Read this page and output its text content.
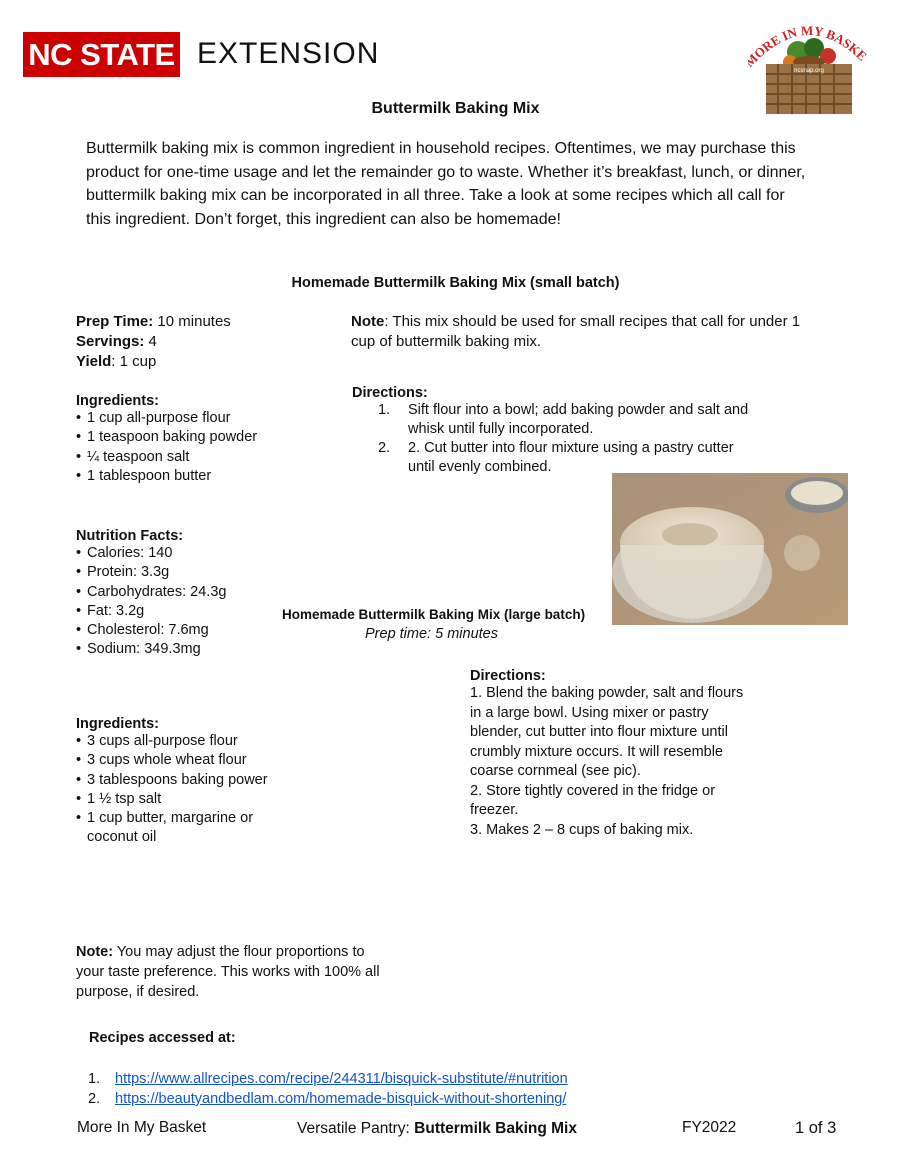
NC STATE EXTENSION	ORE IN MY BASKE
ncsnap.org
Buttermilk Baking Mix
Buttermilk baking mix is common ingredient in household recipes. Oftentimes, we may purchase this product for one-time usage and let the remainder go to waste. Whether it’s breakfast, lunch, or dinner, buttermilk baking mix can be incorporated in all three. Take a look at some recipes which all call for this ingredient. Don’t forget, this ingredient can also be homemade!
Homemade Buttermilk Baking Mix (small batch)
Prep Time: 10 minutes
Servings: 4
Yield: 1 cup
Note: This mix should be used for small recipes that call for under 1 cup of buttermilk baking mix.
Ingredients:
• 1 cup all-purpose flour
• 1 teaspoon baking powder
• ¼ teaspoon salt
• 1 tablespoon butter
Nutrition Facts:
• Calories: 140
• Protein: 3.3g
• Carbohydrates: 24.3g
• Fat: 3.2g
• Cholesterol: 7.6mg
• Sodium: 349.3mg
Directions:
1. Sift flour into a bowl; add baking powder and salt and whisk until fully incorporated.
2. 2. Cut butter into flour mixture using a pastry cutter until evenly combined.
Homemade Buttermilk Baking Mix (large batch)
Prep time: 5 minutes
Ingredients:
• 3 cups all-purpose flour
• 3 cups whole wheat flour
• 3 tablespoons baking power
• 1 ½ tsp salt
• 1 cup butter, margarine or coconut oil
Directions:
1. Blend the baking powder, salt and flours in a large bowl. Using mixer or pastry blender, cut butter into flour mixture until crumbly mixture occurs. It will resemble coarse cornmeal (see pic).
2. Store tightly covered in the fridge or freezer.
3. Makes 2 – 8 cups of baking mix.
Note: You may adjust the flour proportions to your taste preference. This works with 100% all purpose, if desired.
Recipes accessed at:
1. https://www.allrecipes.com/recipe/244311/bisquick-substitute/#nutrition
2. https://beautyandbedlam.com/homemade-bisquick-without-shortening/
More In My Basket	Versatile Pantry: Buttermilk Baking Mix	FY2022	1 of 3
